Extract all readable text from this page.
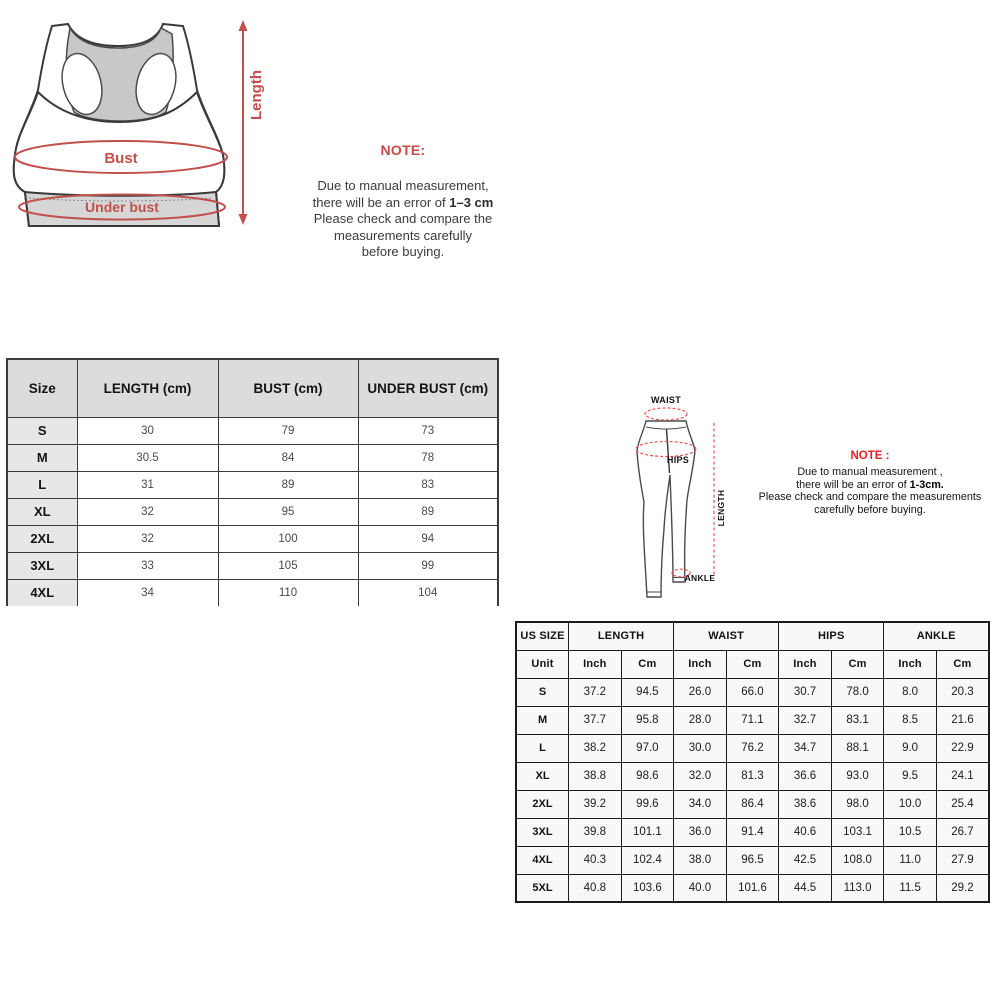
Bust
Under bust
Length
NOTE:
Due to manual measurement,
there will be an error of 1–3 cm
Please check and compare the
measurements carefully
before buying.
Size	LENGTH (cm)	BUST (cm)	UNDER BUST (cm)
S	30	79	73
M	30.5	84	78
L	31	89	83
XL	32	95	89
2XL	32	100	94
3XL	33	105	99
4XL	34	110	104
WAIST
HIPS
LENGTH
ANKLE
NOTE :
Due to manual measurement ,
there will be an error of 1-3cm.
Please check and compare the measurements
carefully before buying.
US SIZE	LENGTH		WAIST		HIPS		ANKLE	
Unit	Inch	Cm	Inch	Cm	Inch	Cm	Inch	Cm
S	37.2	94.5	26.0	66.0	30.7	78.0	8.0	20.3
M	37.7	95.8	28.0	71.1	32.7	83.1	8.5	21.6
L	38.2	97.0	30.0	76.2	34.7	88.1	9.0	22.9
XL	38.8	98.6	32.0	81.3	36.6	93.0	9.5	24.1
2XL	39.2	99.6	34.0	86.4	38.6	98.0	10.0	25.4
3XL	39.8	101.1	36.0	91.4	40.6	103.1	10.5	26.7
4XL	40.3	102.4	38.0	96.5	42.5	108.0	11.0	27.9
5XL	40.8	103.6	40.0	101.6	44.5	113.0	11.5	29.2
